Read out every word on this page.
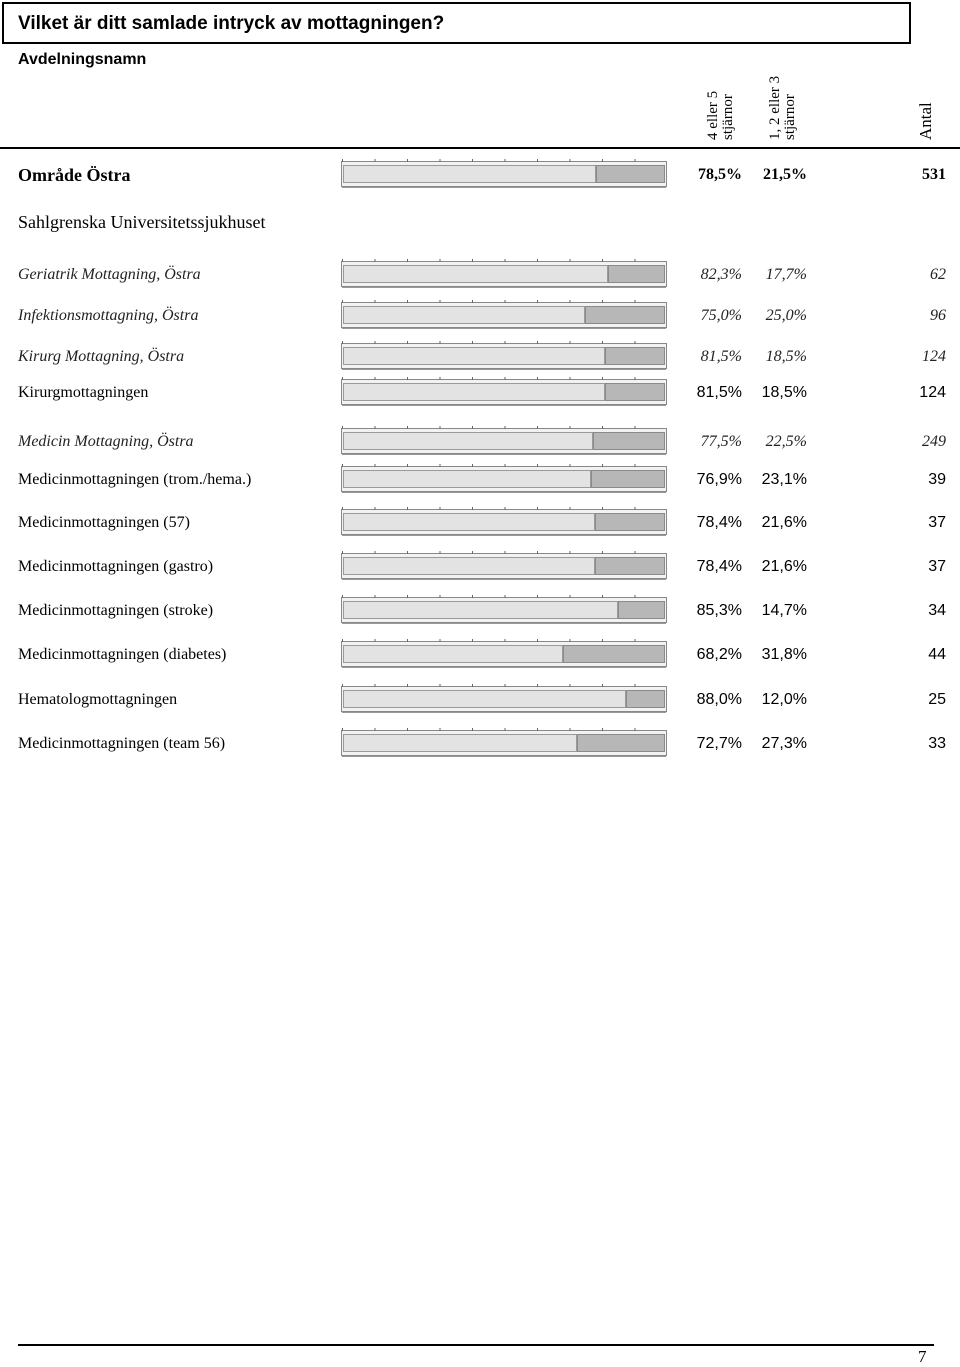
Vilket är ditt samlade intryck av mottagningen?
Avdelningsnamn
4 eller 5 stjärnor 1, 2 eller 3 stjärnor	Antal
Område Östra	78,5%	21,5%	531
Sahlgrenska Universitetssjukhuset
Geriatrik Mottagning, Östra	82,3%	17,7%	62
Infektionsmottagning, Östra	75,0%	25,0%	96
Kirurg Mottagning, Östra	81,5%	18,5%	124
Kirurgmottagningen	81,5%	18,5%	124
Medicin Mottagning, Östra	77,5%	22,5%	249
Medicinmottagningen (trom./hema.)	76,9%	23,1%	39
Medicinmottagningen (57)	78,4%	21,6%	37
Medicinmottagningen (gastro)	78,4%	21,6%	37
Medicinmottagningen (stroke)	85,3%	14,7%	34
Medicinmottagningen (diabetes)	68,2%	31,8%	44
Hematologmottagningen	88,0%	12,0%	25
Medicinmottagningen (team 56)	72,7%	27,3%	33
7
